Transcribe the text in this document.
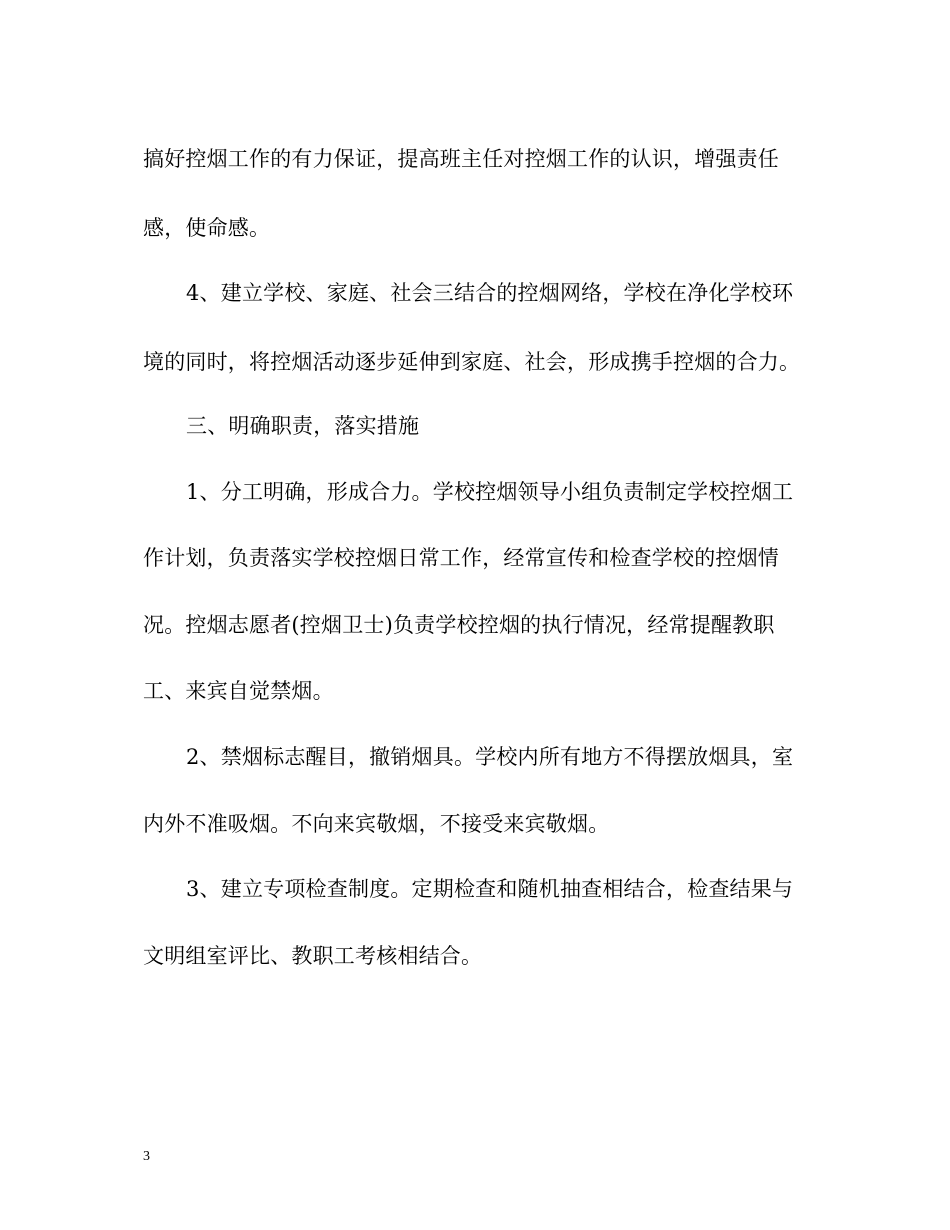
搞好控烟工作的有力保证，提高班主任对控烟工作的认识，增强责任
感，使命感。
4、建立学校、家庭、社会三结合的控烟网络，学校在净化学校环
境的同时，将控烟活动逐步延伸到家庭、社会，形成携手控烟的合力。
三、明确职责，落实措施
1、分工明确，形成合力。学校控烟领导小组负责制定学校控烟工
作计划，负责落实学校控烟日常工作，经常宣传和检查学校的控烟情
况。控烟志愿者(控烟卫士)负责学校控烟的执行情况，经常提醒教职
工、来宾自觉禁烟。
2、禁烟标志醒目，撤销烟具。学校内所有地方不得摆放烟具，室
内外不准吸烟。不向来宾敬烟，不接受来宾敬烟。
3、建立专项检查制度。定期检查和随机抽查相结合，检查结果与
文明组室评比、教职工考核相结合。
3
